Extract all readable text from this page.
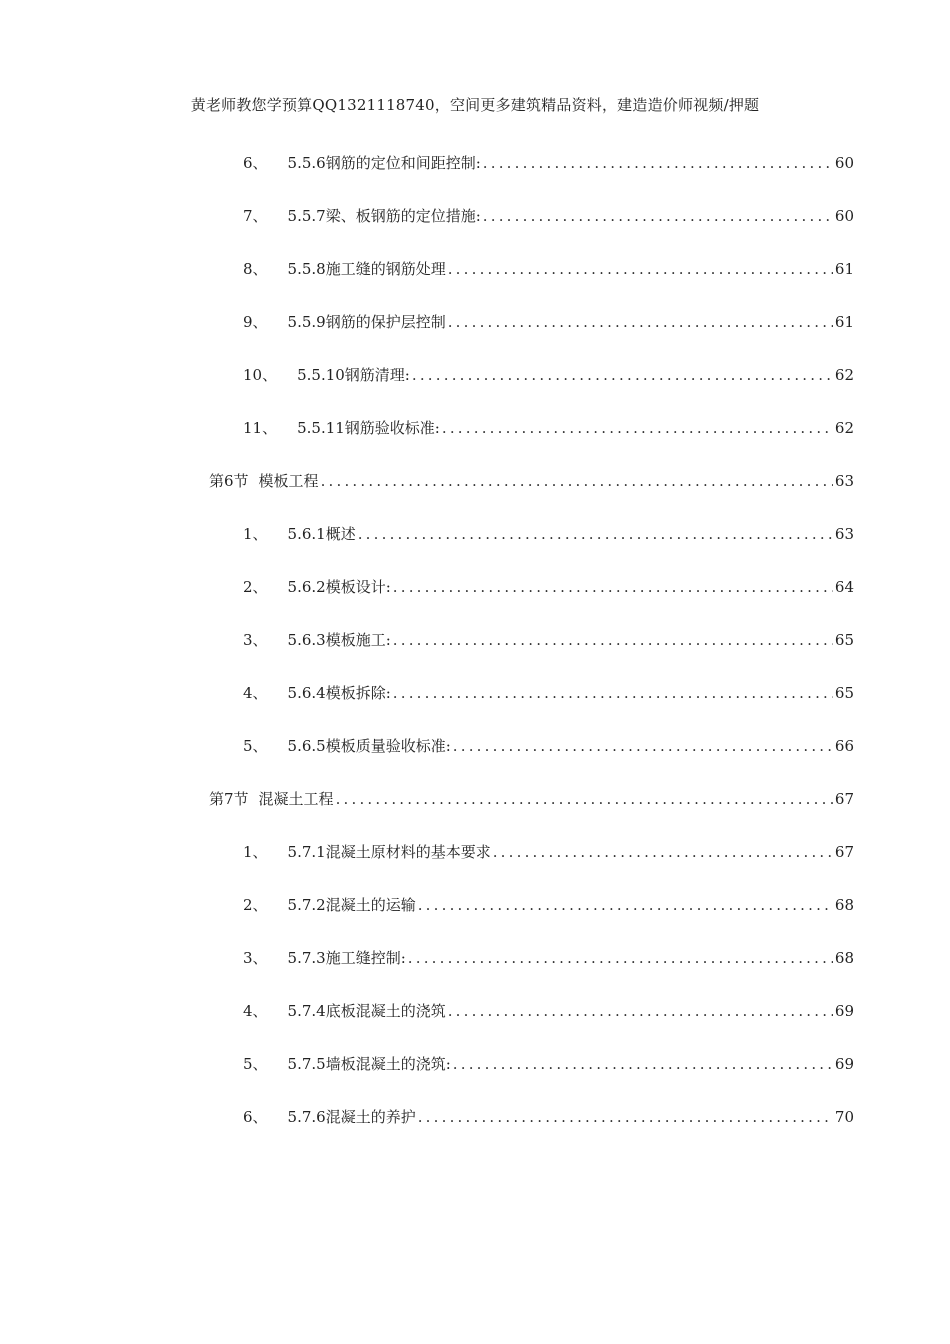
黄老师教您学预算QQ1321118740，空间更多建筑精品资料，建造造价师视频/押题
6、 5.5.6钢筋的定位和间距控制: .....	60
7、 5.5.7梁、板钢筋的定位措施: .....	60
8、 5.5.8施工缝的钢筋处理 .....	61
9、 5.5.9钢筋的保护层控制 .....	61
10、 5.5.10钢筋清理: .....	62
11、 5.5.11钢筋验收标准: .....	62
第6节 模板工程 .....	63
1、 5.6.1概述 .....	63
2、 5.6.2模板设计: .....	64
3、 5.6.3模板施工: .....	65
4、 5.6.4模板拆除: .....	65
5、 5.6.5模板质量验收标准: .....	66
第7节 混凝土工程 .....	67
1、 5.7.1混凝土原材料的基本要求 .....	67
2、 5.7.2混凝土的运输 .....	68
3、 5.7.3施工缝控制: .....	68
4、 5.7.4底板混凝土的浇筑 .....	69
5、 5.7.5墙板混凝土的浇筑: .....	69
6、 5.7.6混凝土的养护 .....	70
